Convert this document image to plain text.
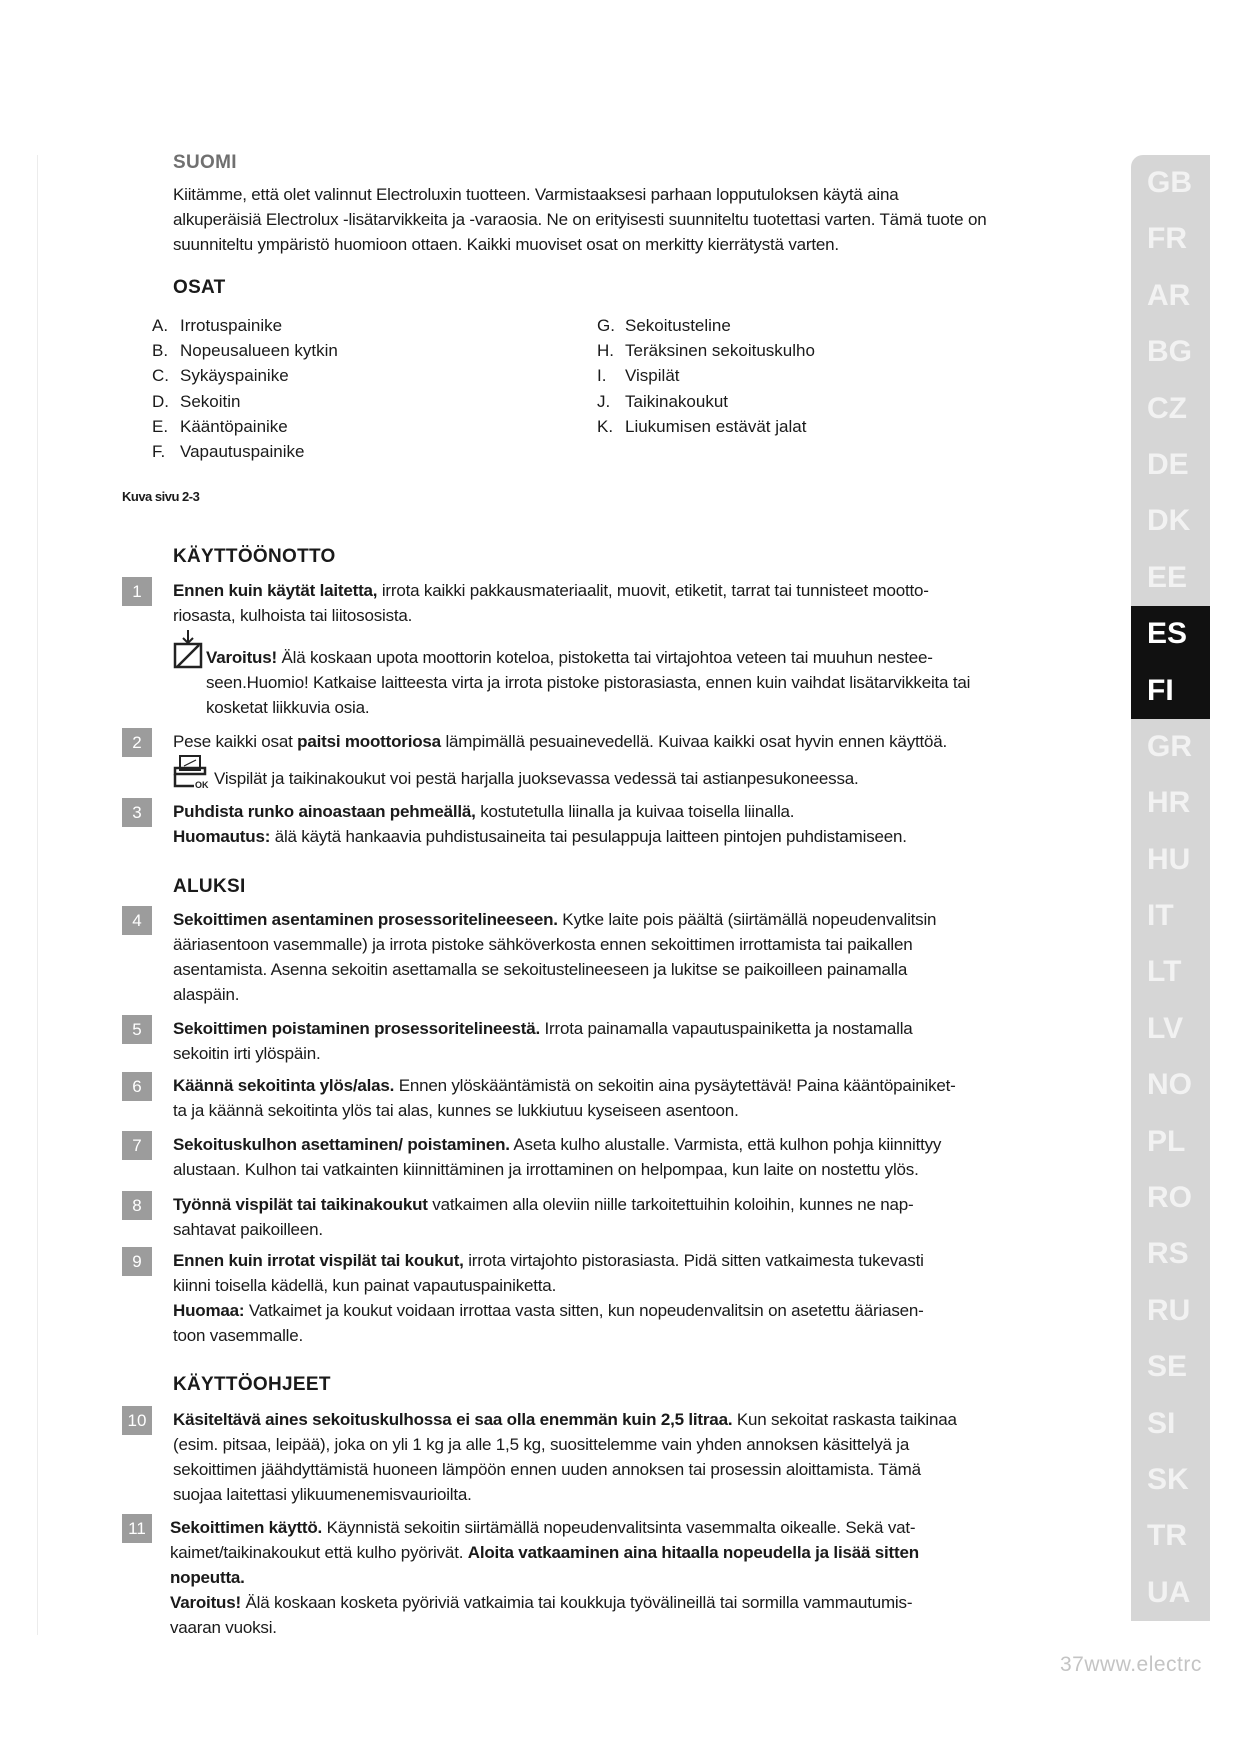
SUOMI
Kiitämme, että olet valinnut Electroluxin tuotteen. Varmistaaksesi parhaan lopputuloksen käytä aina
alkuperäisiä Electrolux -lisätarvikkeita ja -varaosia. Ne on erityisesti suunniteltu tuotettasi varten. Tämä tuote on
suunniteltu ympäristö huomioon ottaen. Kaikki muoviset osat on merkitty kierrätystä varten.
OSAT
A. Irrotuspainike
B. Nopeusalueen kytkin
C. Sykäyspainike
D. Sekoitin
E. Kääntöpainike
F. Vapautuspainike
G. Sekoitusteline
H. Teräksinen sekoituskulho
I. Vispilät
J. Taikinakoukut
K. Liukumisen estävät jalat
Kuva sivu 2-3
KÄYTTÖÖNOTTO
1	Ennen kuin käytät laitetta, irrota kaikki pakkausmateriaalit, muovit, etiketit, tarrat tai tunnisteet mootto-
riosasta, kulhoista tai liitososista.
Varoitus! Älä koskaan upota moottorin koteloa, pistoketta tai virtajohtoa veteen tai muuhun nestee-
seen.Huomio! Katkaise laitteesta virta ja irrota pistoke pistorasiasta, ennen kuin vaihdat lisätarvikkeita tai
kosketat liikkuvia osia.
2	Pese kaikki osat paitsi moottoriosa lämpimällä pesuainevedellä. Kuivaa kaikki osat hyvin ennen käyttöä.
OK Vispilät ja taikinakoukut voi pestä harjalla juoksevassa vedessä tai astianpesukoneessa.
3	Puhdista runko ainoastaan pehmeällä, kostutetulla liinalla ja kuivaa toisella liinalla.
Huomautus: älä käytä hankaavia puhdistusaineita tai pesulappuja laitteen pintojen puhdistamiseen.
ALUKSI
4	Sekoittimen asentaminen prosessoritelineeseen. Kytke laite pois päältä (siirtämällä nopeudenvalitsin
ääriasentoon vasemmalle) ja irrota pistoke sähköverkosta ennen sekoittimen irrottamista tai paikallen
asentamista. Asenna sekoitin asettamalla se sekoitustelineeseen ja lukitse se paikoilleen painamalla
alaspäin.
5	Sekoittimen poistaminen prosessoritelineestä. Irrota painamalla vapautuspainiketta ja nostamalla
sekoitin irti ylöspäin.
6	Käännä sekoitinta ylös/alas. Ennen ylöskääntämistä on sekoitin aina pysäytettävä! Paina kääntöpainiket-
ta ja käännä sekoitinta ylös tai alas, kunnes se lukkiutuu kyseiseen asentoon.
7	Sekoituskulhon asettaminen/ poistaminen. Aseta kulho alustalle. Varmista, että kulhon pohja kiinnittyy
alustaan. Kulhon tai vatkainten kiinnittäminen ja irrottaminen on helpompaa, kun laite on nostettu ylös.
8	Työnnä vispilät tai taikinakoukut vatkaimen alla oleviin niille tarkoitettuihin koloihin, kunnes ne nap-
sahtavat paikoilleen.
9	Ennen kuin irrotat vispilät tai koukut, irrota virtajohto pistorasiasta. Pidä sitten vatkaimesta tukevasti
kiinni toisella kädellä, kun painat vapautuspainiketta.
Huomaa: Vatkaimet ja koukut voidaan irrottaa vasta sitten, kun nopeudenvalitsin on asetettu ääriasen-
toon vasemmalle.
KÄYTTÖOHJEET
10	Käsiteltävä aines sekoituskulhossa ei saa olla enemmän kuin 2,5 litraa. Kun sekoitat raskasta taikinaa
(esim. pitsaa, leipää), joka on yli 1 kg ja alle 1,5 kg, suosittelemme vain yhden annoksen käsittelyä ja
sekoittimen jäähdyttämistä huoneen lämpöön ennen uuden annoksen tai prosessin aloittamista. Tämä
suojaa laitettasi ylikuumenemisvaurioilta.
11	Sekoittimen käyttö. Käynnistä sekoitin siirtämällä nopeudenvalitsinta vasemmalta oikealle. Sekä vat-
kaimet/taikinakoukut että kulho pyörivät. Aloita vatkaaminen aina hitaalla nopeudella ja lisää sitten
nopeutta.
Varoitus! Älä koskaan kosketa pyöriviä vatkaimia tai koukkuja työvälineillä tai sormilla vammautumis-
vaaran vuoksi.
GB
FR
AR
BG
CZ
DE
DK
EE
ES
FI
GR
HR
HU
IT
LT
LV
NO
PL
RO
RS
RU
SE
SI
SK
TR
UA
37www.electrc
